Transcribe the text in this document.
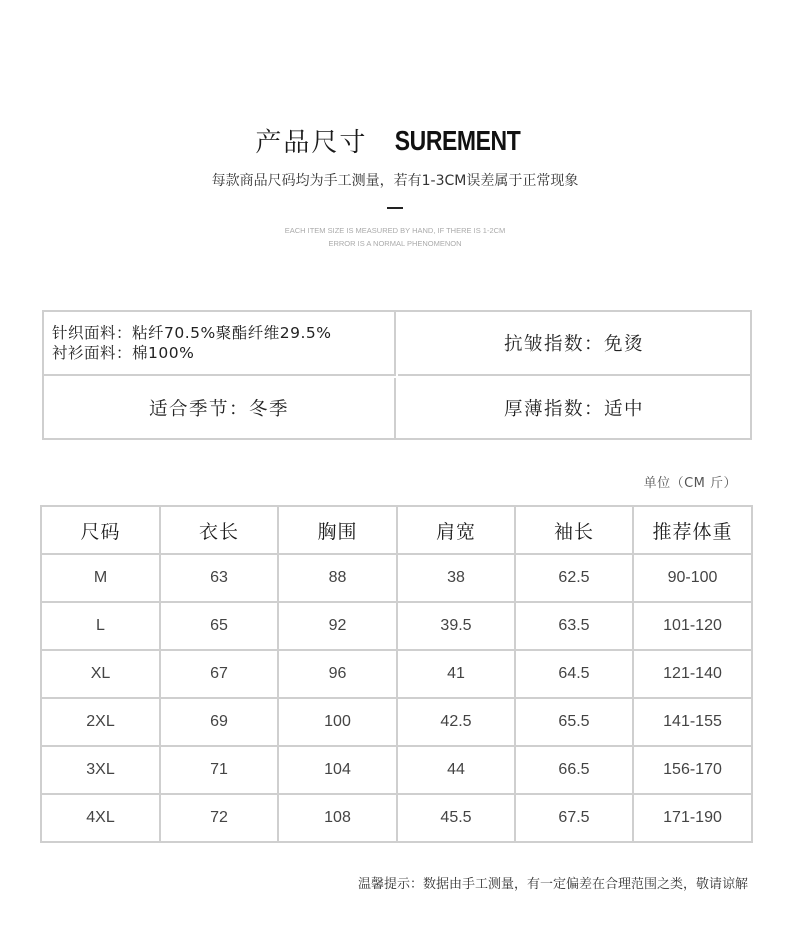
产品尺寸 SUREMENT
每款商品尺码均为手工测量，若有1-3CM误差属于正常现象
EACH ITEM SIZE IS MEASURED BY HAND, IF THERE IS 1-2CM
ERROR IS A NORMAL PHENOMENON
针织面料：粘纤70.5%聚酯纤维29.5%
衬衫面料：棉100%	抗皱指数：免烫
适合季节：冬季	厚薄指数：适中
单位（CM 斤）
尺码	衣长	胸围	肩宽	袖长	推荐体重
M	63	88	38	62.5	90-100
L	65	92	39.5	63.5	101-120
XL	67	96	41	64.5	121-140
2XL	69	100	42.5	65.5	141-155
3XL	71	104	44	66.5	156-170
4XL	72	108	45.5	67.5	171-190
温馨提示：数据由手工测量，有一定偏差在合理范围之类，敬请谅解
